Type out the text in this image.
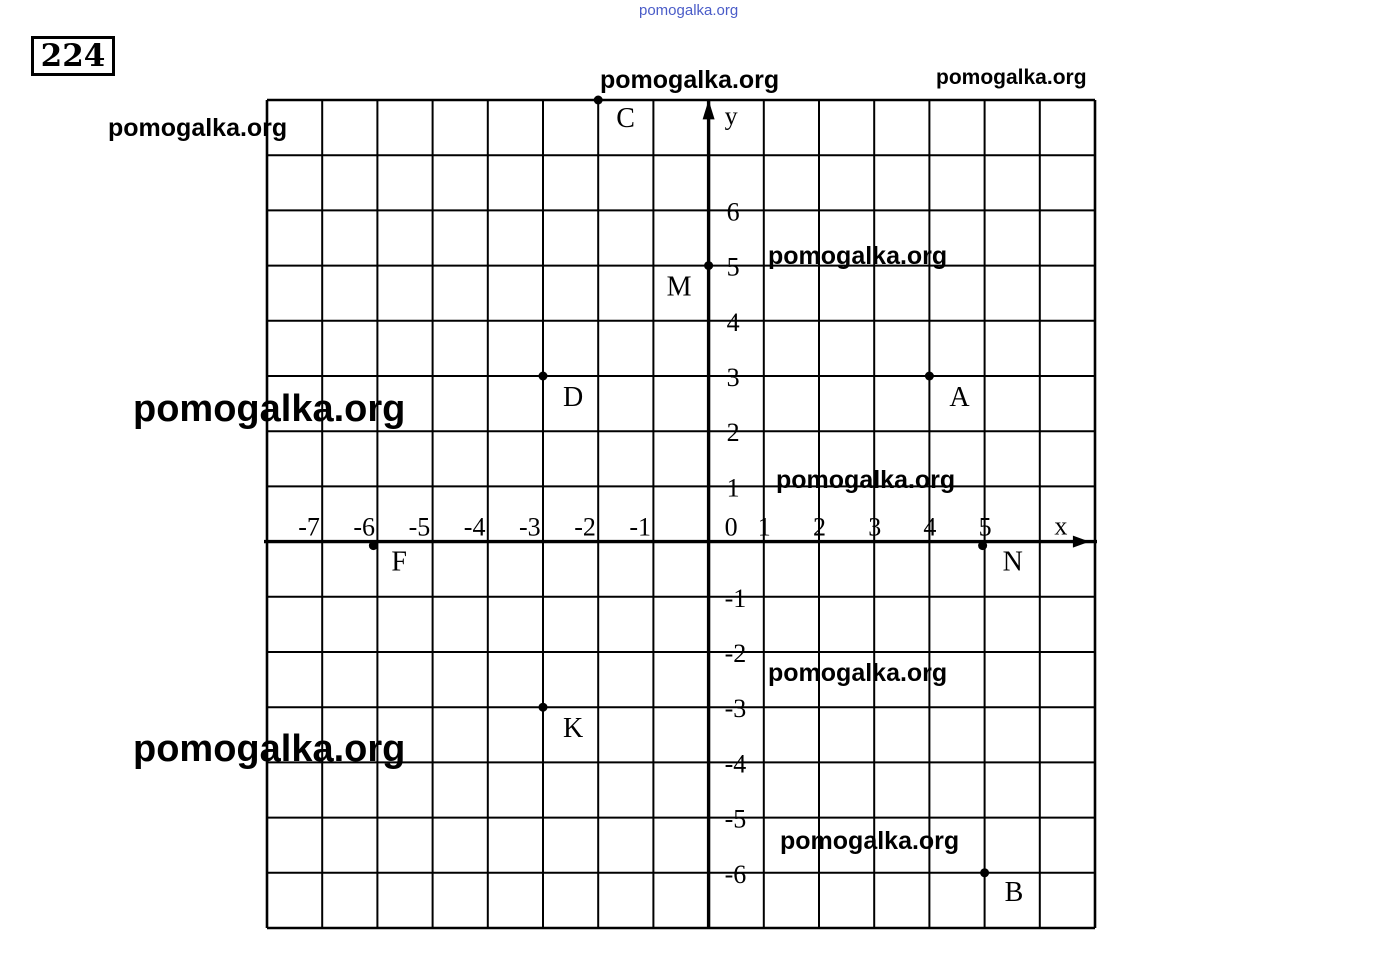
pomogalka.org
224
-7 -6 -5 -4 -3 -2 -1	1 2 3 4 5
6
5
4
3
2
1
-1
-2
-3
-4
-5
-6
0	x
y
A
B
C
D
F
K
M
N
pomogalka.org	pomogalka.org
pomogalka.org
pomogalka.org
pomogalka.org
pomogalka.org
pomogalka.org
pomogalka.org
pomogalka.org
